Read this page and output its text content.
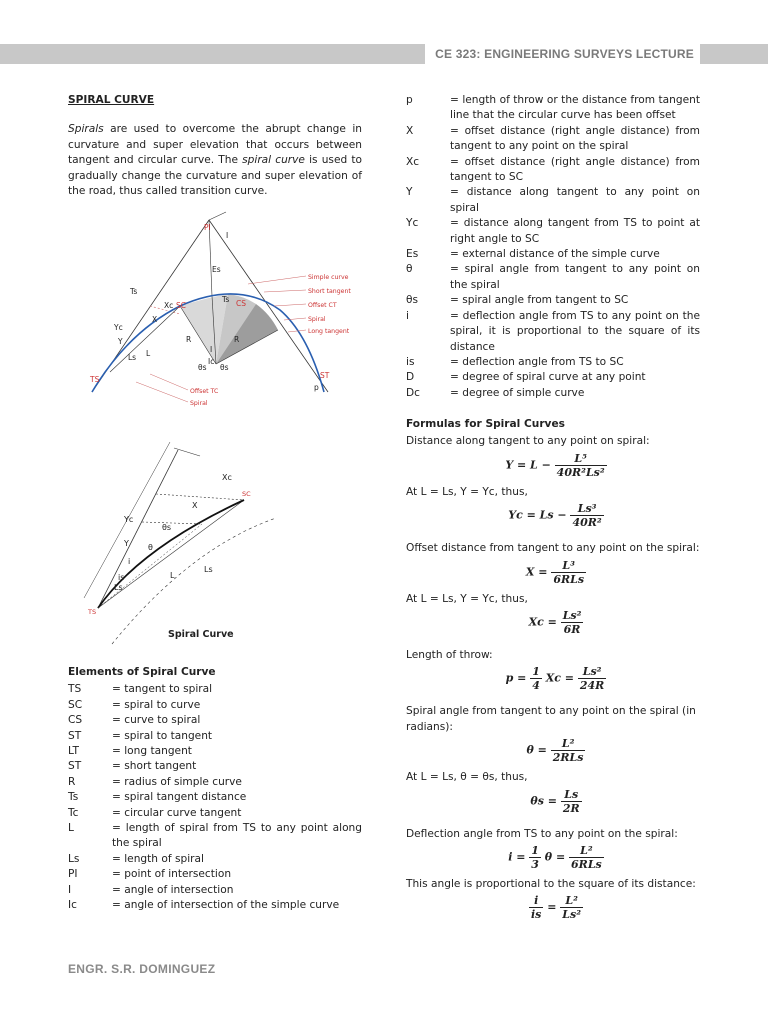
CE 323: ENGINEERING SURVEYS LECTURE
SPIRAL CURVE

Spirals are used to overcome the abrupt change in curvature and super elevation that occurs between tangent and circular curve. The spiral curve is used to gradually change the curvature and super elevation of the road, thus called transition curve.

PI
I
Es
Ts
Yc
Y
Ls L
Xc
X
SC	CS
Ts
R	R
I
Ic
θs θs
TS	ST
p
Simple curve
Short tangent
Offset CT
Spiral
Long tangent
Offset TC
Spiral
Xc
SC
X
Yc
Y
θs
θ
i
is	L
Ls
Ls
TS
Spiral Curve
Elements of Spiral Curve
TS	= tangent to spiral
SC	= spiral to curve
CS	= curve to spiral
ST	= spiral to tangent
LT	= long tangent
ST	= short tangent
R	= radius of simple curve
Ts	= spiral tangent distance
Tc	= circular curve tangent
L	= length of spiral from TS to any point along the spiral
Ls	= length of spiral
PI	= point of intersection
I	= angle of intersection
Ic	= angle of intersection of the simple curve
p	= length of throw or the distance from tangent line that the circular curve has been offset
X	= offset distance (right angle distance) from tangent to any point on the spiral
Xc	= offset distance (right angle distance) from tangent to SC
Y	= distance along tangent to any point on spiral
Yc	= distance along tangent from TS to point at right angle to SC
Es	= external distance of the simple curve
θ	= spiral angle from tangent to any point on the spiral
θs	= spiral angle from tangent to SC
i	= deflection angle from TS to any point on the spiral, it is proportional to the square of its distance
is	= deflection angle from TS to SC
D	= degree of spiral curve at any point
Dc	= degree of simple curve
Formulas for Spiral Curves

Distance along tangent to any point on spiral:

$Y = L - \frac{\text{L⁵}}{\text{40R²Ls²}}$

At L = Ls, Y = Yc, thus,

$Yc = Ls - \frac{\text{Ls³}}{\text{40R²}}$

Offset distance from tangent to any point on the spiral:

$X = \frac{\text{L³}}{\text{6RLs}}$

At L = Ls, Y = Yc, thus,

$Xc = \frac{\text{Ls²}}{6R}$

Length of throw:

$p = \frac{1}{4}$ $Xc = \frac{\text{Ls²}}{24R}$

Spiral angle from tangent to any point on the spiral (in radians):

$\theta = \frac{\text{L²}}{\text{2RLs}}$

At L = Ls, θ = θs, thus,

$\theta s = \frac{Ls}{2R}$

Deflection angle from TS to any point on the spiral:

$i = \frac{1}{3}$ $\theta = \frac{\text{L²}}{\text{6RLs}}$

This angle is proportional to the square of its distance:

$\frac{i}{is} = \frac{\text{L²}}{\text{Ls²}}$
ENGR. S.R. DOMINGUEZ
